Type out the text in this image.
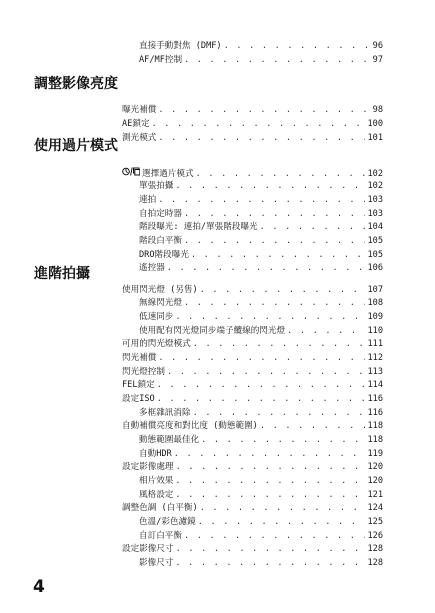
直接手動對焦 (DMF) . . .	96
AF/MF控制 . . .	97
調整影像亮度
曝光補償 . . .	98
AE鎖定 . . .	100
測光模式 . . .	101
使用過片模式
選擇過片模式 . . .	102
單張拍攝 . . .	102
連拍 . . .	103
自拍定時器 . . .	103
階段曝光: 連拍/單張階段曝光 . . .	104
階段白平衡 . . .	105
DRO階段曝光 . . .	105
遙控器 . . .	106
進階拍攝
使用閃光燈 (另售) . . .	107
無線閃光燈 . . .	108
低速同步 . . .	109
使用配有閃光燈同步端子纜線的閃光燈 . . .	110
可用的閃光燈模式 . . .	111
閃光補償 . . .	112
閃光燈控制 . . .	113
FEL鎖定 . . .	114
設定ISO . . .	116
多框雜訊消除 . . .	116
自動補償亮度和對比度 (動態範圍) . . .	118
動態範圍最佳化 . . .	118
自動HDR . . .	119
設定影像處理 . . .	120
相片效果 . . .	120
風格設定 . . .	121
調整色調 (白平衡) . . .	124
色溫/彩色濾鏡 . . .	125
自訂白平衡 . . .	126
設定影像尺寸 . . .	128
影像尺寸 . . .	128
4
